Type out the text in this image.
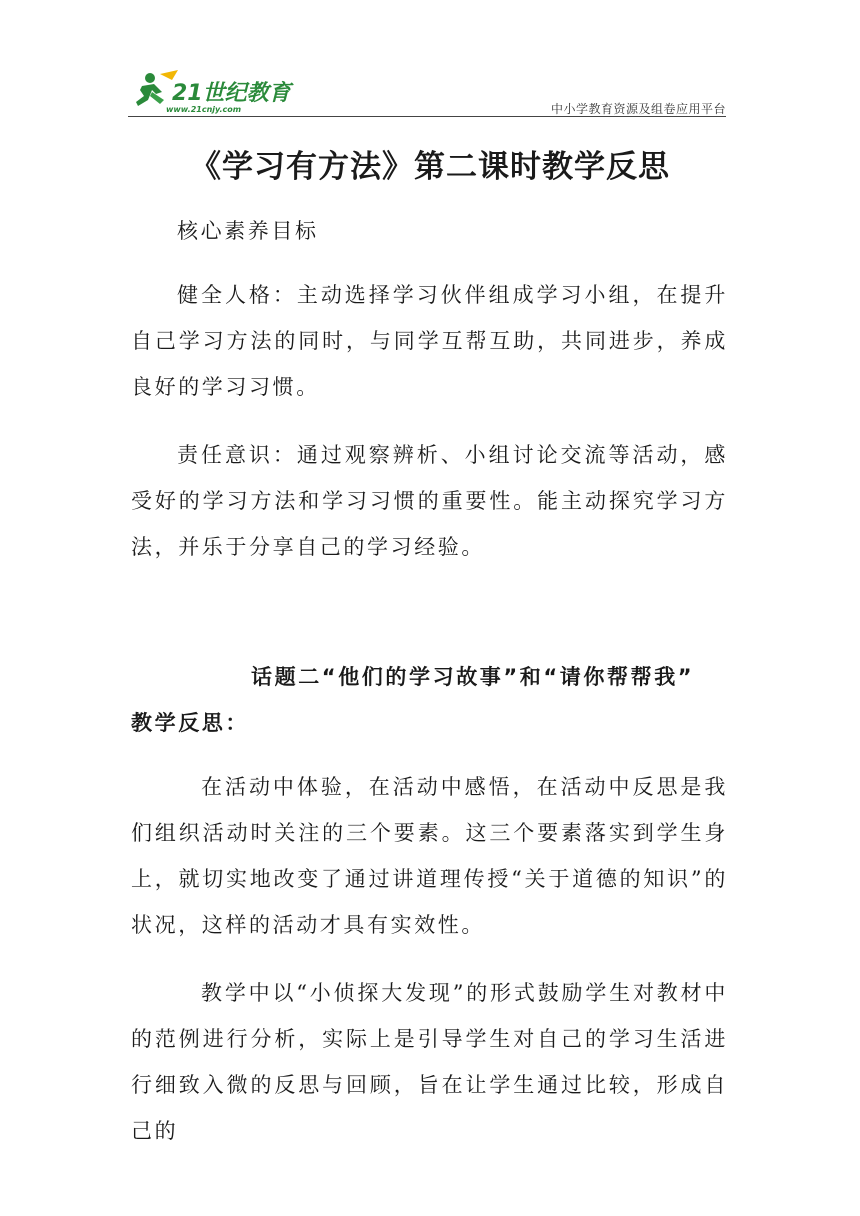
21世纪教育
www.21cnjy.com	中小学教育资源及组卷应用平台
《学习有方法》第二课时教学反思

核心素养目标

健全人格：主动选择学习伙伴组成学习小组，在提升自己学习方法的同时，与同学互帮互助，共同进步，养成良好的学习习惯。

责任意识：通过观察辨析、小组讨论交流等活动，感受好的学习方法和学习习惯的重要性。能主动探究学习方法，并乐于分享自己的学习经验。

话题二“他们的学习故事”和“请你帮帮我”

教学反思：

在活动中体验，在活动中感悟，在活动中反思是我们组织活动时关注的三个要素。这三个要素落实到学生身上，就切实地改变了通过讲道理传授“关于道德的知识”的状况，这样的活动才具有实效性。

教学中以“小侦探大发现”的形式鼓励学生对教材中的范例进行分析，实际上是引导学生对自己的学习生活进行细致入微的反思与回顾，旨在让学生通过比较，形成自己的
